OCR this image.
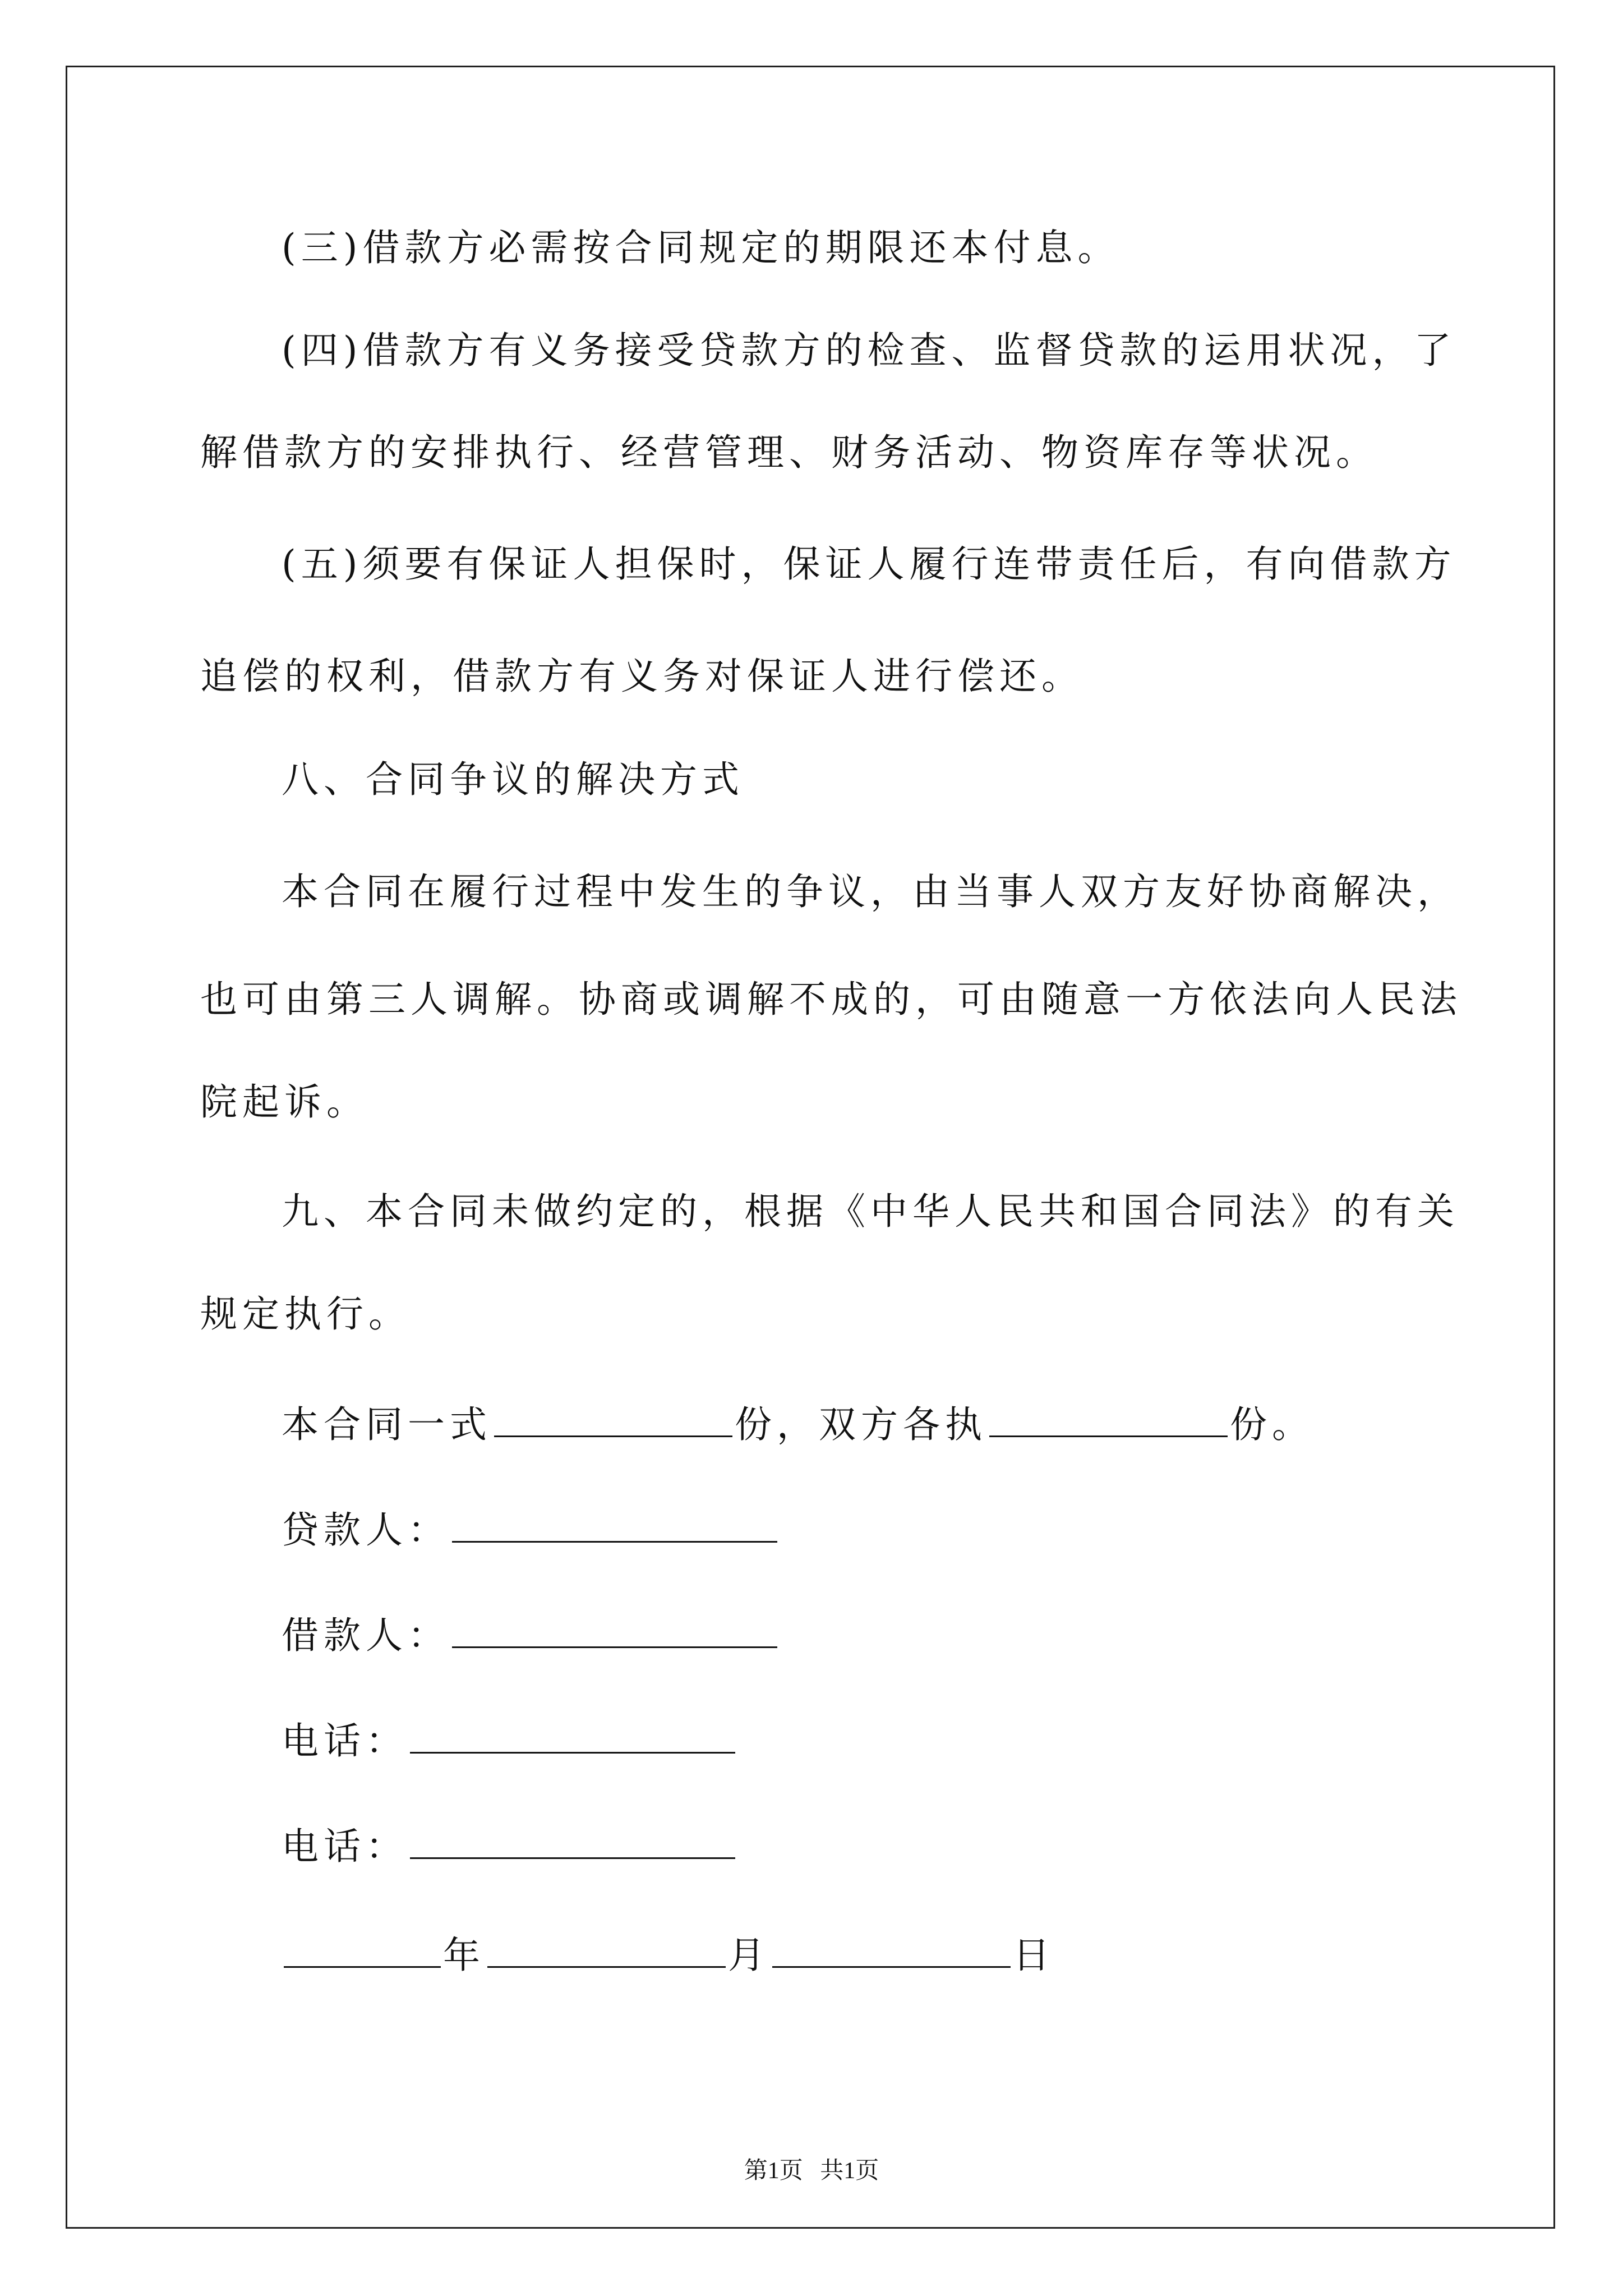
(三)借款方必需按合同规定的期限还本付息。
(四)借款方有义务接受贷款方的检查、监督贷款的运用状况，了
解借款方的安排执行、经营管理、财务活动、物资库存等状况。
(五)须要有保证人担保时，保证人履行连带责任后，有向借款方
追偿的权利，借款方有义务对保证人进行偿还。
八、合同争议的解决方式
本合同在履行过程中发生的争议，由当事人双方友好协商解决，
也可由第三人调解。协商或调解不成的，可由随意一方依法向人民法
院起诉。
九、本合同未做约定的，根据《中华人民共和国合同法》的有关
规定执行。
本合同一式	份，双方各执	份。
贷款人：
借款人：
电话：
电话：
年	月	日
第1页 共1页
